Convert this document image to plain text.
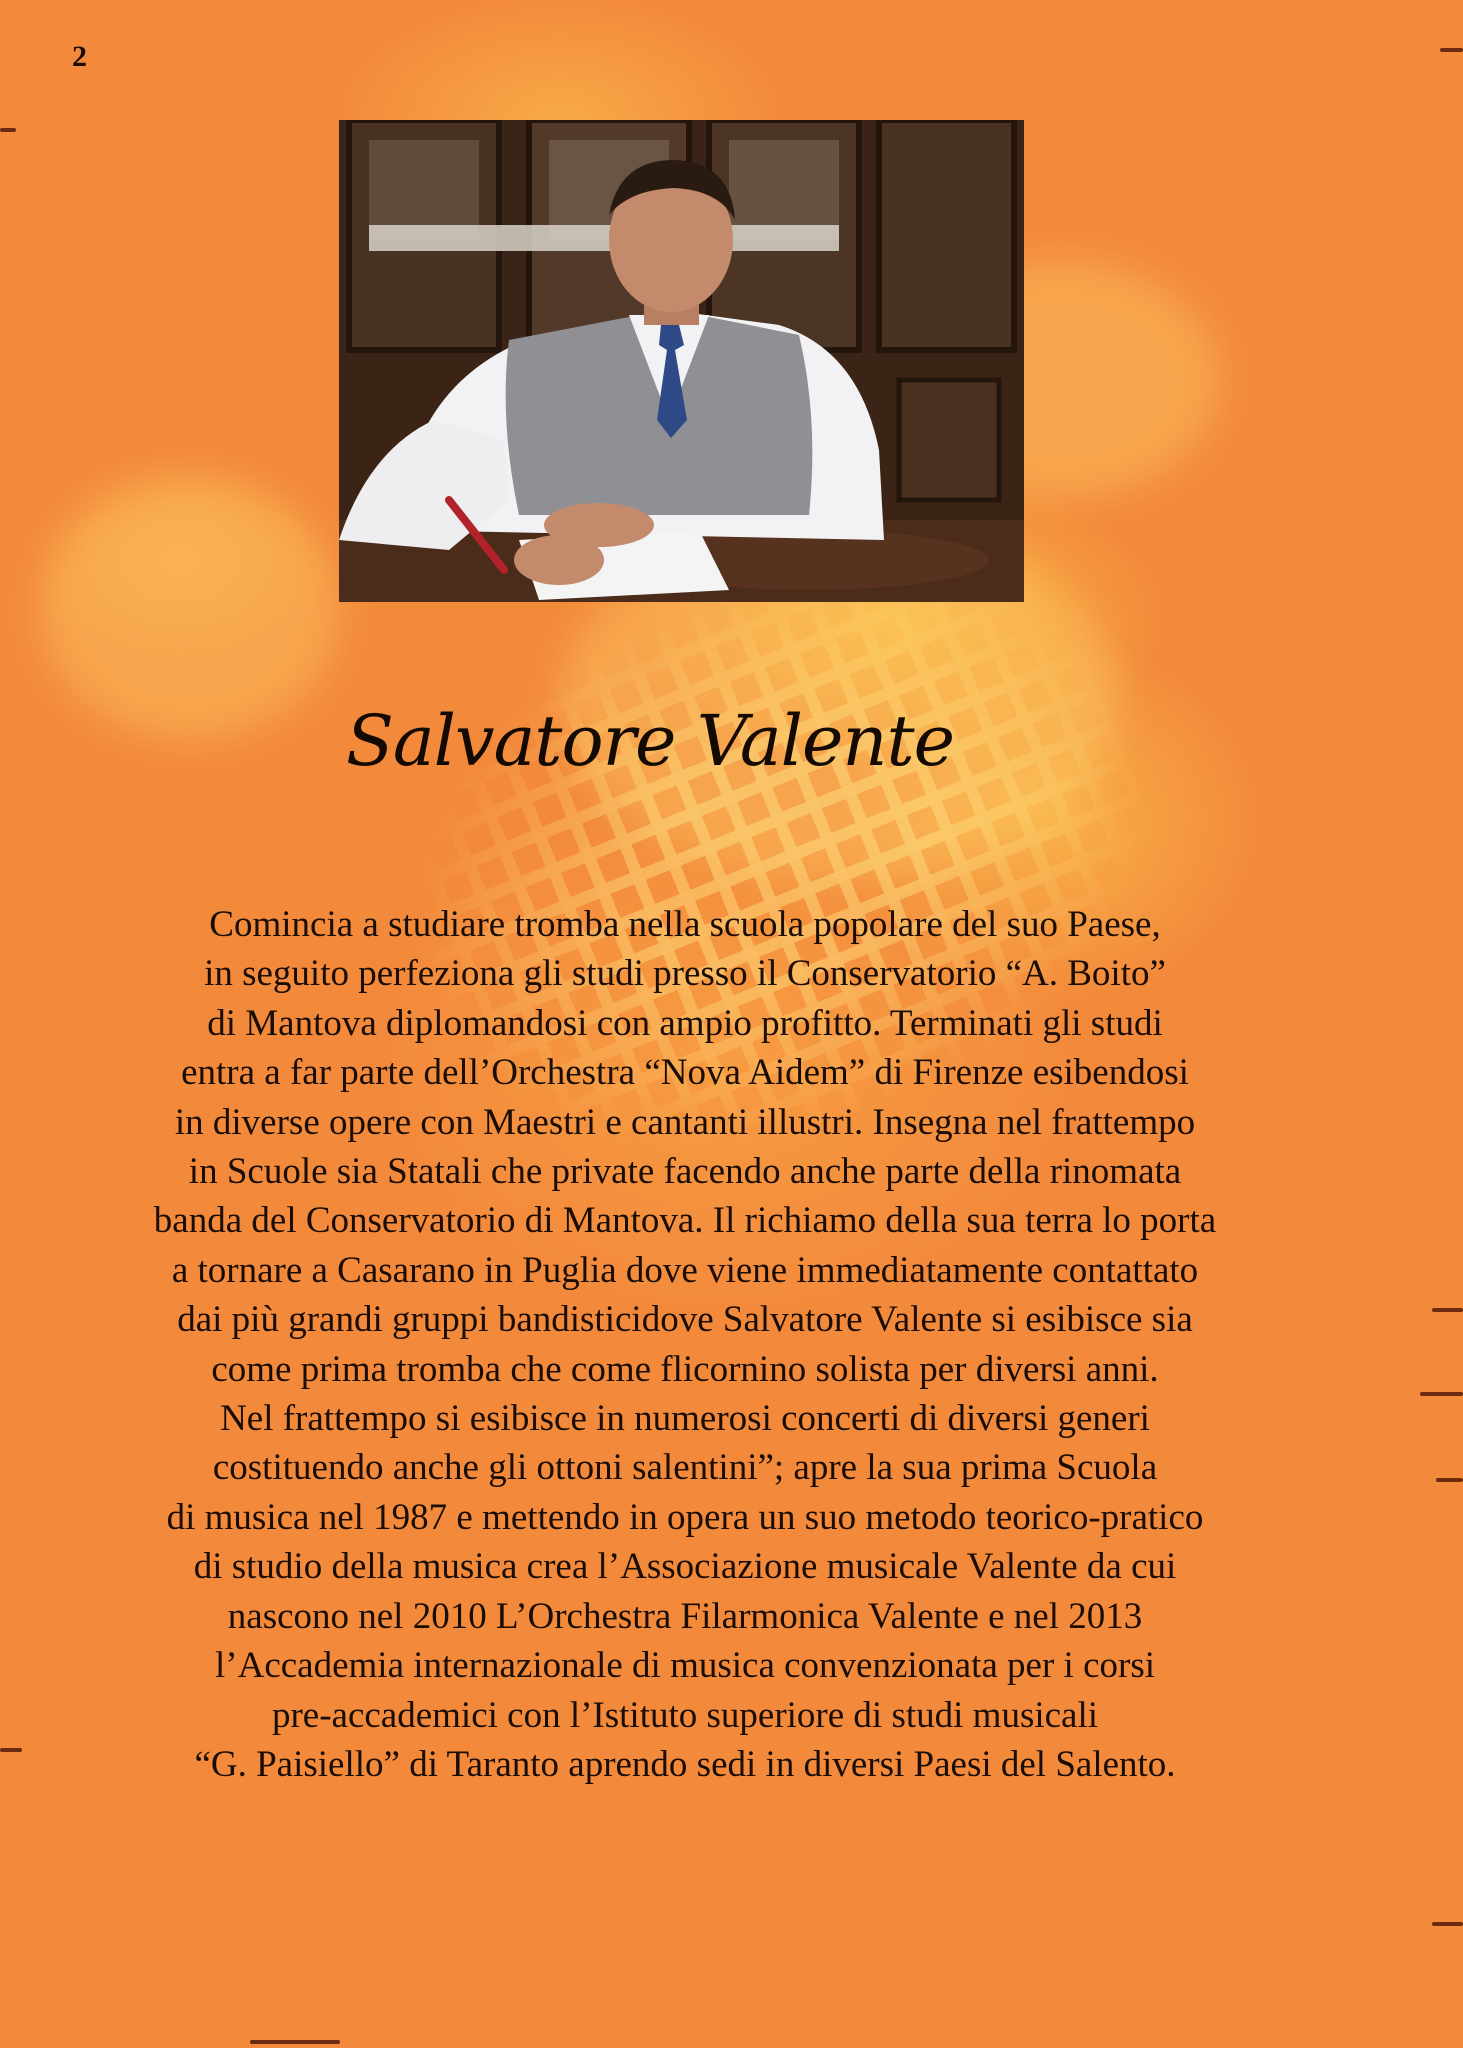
2
Salvatore Valente

Comincia a studiare tromba nella scuola popolare del suo Paese,
in seguito perfeziona gli studi presso il Conservatorio “A. Boito”
di Mantova diplomandosi con ampio profitto. Terminati gli studi
entra a far parte dell’Orchestra “Nova Aidem” di Firenze esibendosi
in diverse opere con Maestri e cantanti illustri. Insegna nel frattempo
in Scuole sia Statali che private facendo anche parte della rinomata
banda del Conservatorio di Mantova. Il richiamo della sua terra lo porta
a tornare a Casarano in Puglia dove viene immediatamente contattato
dai più grandi gruppi bandisticidove Salvatore Valente si esibisce sia
come prima tromba che come flicornino solista per diversi anni.
Nel frattempo si esibisce in numerosi concerti di diversi generi
costituendo anche gli ottoni salentini”; apre la sua prima Scuola
di musica nel 1987 e mettendo in opera un suo metodo teorico-pratico
di studio della musica crea l’Associazione musicale Valente da cui
nascono nel 2010 L’Orchestra Filarmonica Valente e nel 2013
l’Accademia internazionale di musica convenzionata per i corsi
pre-accademici con l’Istituto superiore di studi musicali
“G. Paisiello” di Taranto aprendo sedi in diversi Paesi del Salento.
